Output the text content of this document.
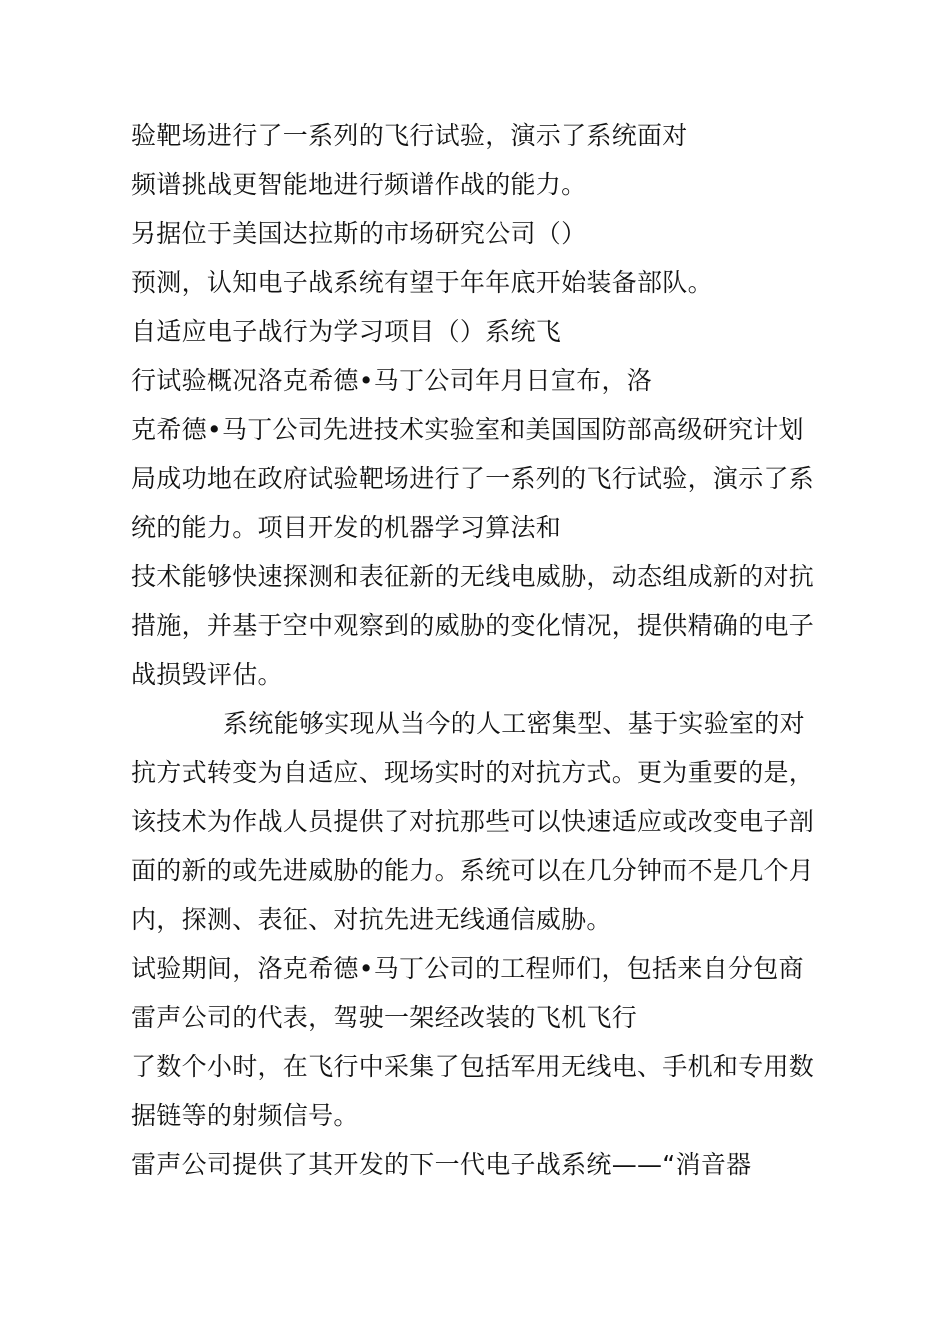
验靶场进行了一系列的飞行试验，演示了系统面对
频谱挑战更智能地进行频谱作战的能力。
另据位于美国达拉斯的市场研究公司（）
预测，认知电子战系统有望于年年底开始装备部队。
自适应电子战行为学习项目（）系统飞
行试验概况洛克希德•马丁公司年月日宣布，洛
克希德•马丁公司先进技术实验室和美国国防部高级研究计划
局成功地在政府试验靶场进行了一系列的飞行试验，演示了系
统的能力。项目开发的机器学习算法和
技术能够快速探测和表征新的无线电威胁，动态组成新的对抗
措施，并基于空中观察到的威胁的变化情况，提供精确的电子
战损毁评估。
系统能够实现从当今的人工密集型、基于实验室的对
抗方式转变为自适应、现场实时的对抗方式。更为重要的是，
该技术为作战人员提供了对抗那些可以快速适应或改变电子剖
面的新的或先进威胁的能力。系统可以在几分钟而不是几个月
内，探测、表征、对抗先进无线通信威胁。
试验期间，洛克希德•马丁公司的工程师们，包括来自分包商
雷声公司的代表，驾驶一架经改装的飞机飞行
了数个小时，在飞行中采集了包括军用无线电、手机和专用数
据链等的射频信号。
雷声公司提供了其开发的下一代电子战系统——“消音器
